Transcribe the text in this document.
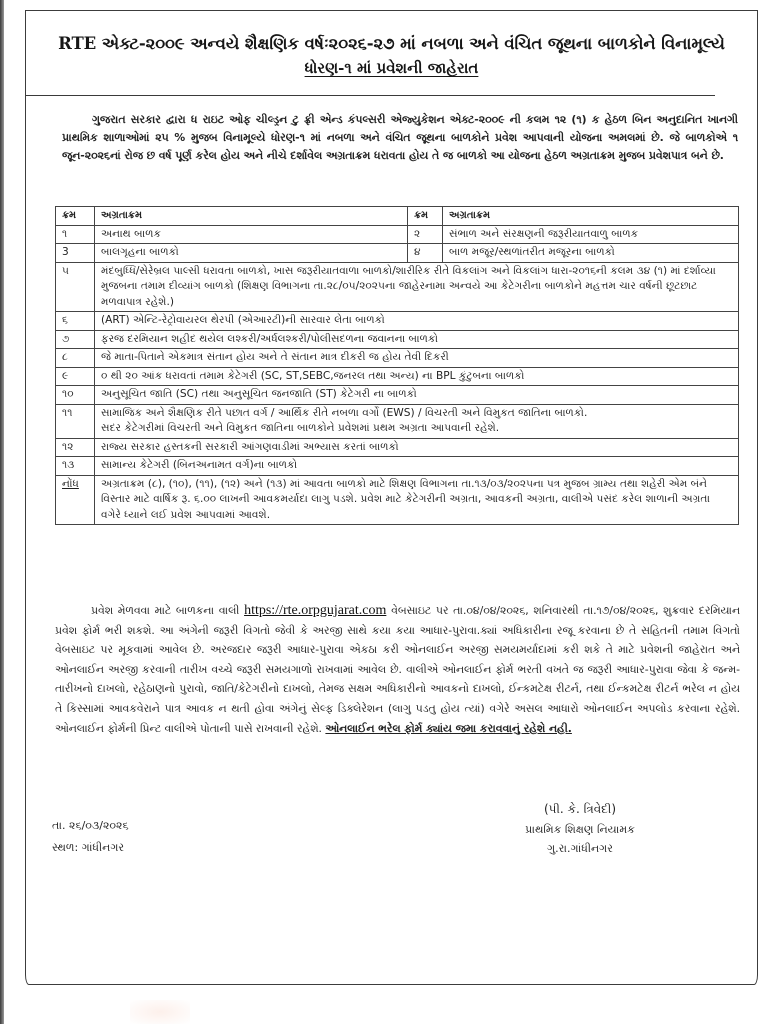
RTE એક્ટ-૨૦૦૯ અન્વયે શૈક્ષણિક વર્ષઃ૨૦૨૬-૨૭ માં નબળા અને વંચિત જૂથના બાળકોને વિનામૂલ્યે
ધોરણ-૧ માં પ્રવેશની જાહેરાત

ગુજરાત સરકાર દ્વારા ધ રાઇટ ઓફ ચીલ્ડ્રન ટુ ફ્રી એન્ડ કંપલ્સરી એજ્યુકેશન એક્ટ-૨૦૦૯ ની કલમ ૧૨ (૧) ક હેઠળ બિન અનુદાનિત ખાનગી પ્રાથમિક શાળાઓમાં ૨૫ % મુજબ વિનામૂલ્યે ધોરણ-૧ માં નબળા અને વંચિત જૂથના બાળકોને પ્રવેશ આપવાની યોજના અમલમાં છે. જે બાળકોએ ૧ જૂન-૨૦૨૬નાં રોજ છ વર્ષ પૂર્ણ કરેલ હોય અને નીચે દર્શાવેલ અગ્રતાક્રમ ધરાવતા હોય તે જ બાળકો આ યોજના હેઠળ અગ્રતાક્રમ મુજબ પ્રવેશપાત્ર બને છે.

ક્રમ	અગ્રતાક્રમ	ક્રમ	અગ્રતાક્રમ
૧	અનાથ બાળક	૨	સંભાળ અને સંરક્ષણની જરૂરીયાતવાળુ બાળક
3	બાલગૃહના બાળકો	૪	બાળ મજૂર/સ્થળાંતરીત મજૂરના બાળકો
૫	મંદબુધ્ધિ/સેરેબ્રલ પાલ્સી ધરાવતા બાળકો, ખાસ જરૂરીયાતવાળા બાળકો/શારીરિક રીતે વિકલાંગ અને વિકલાંગ ધારા-૨૦૧૬ની કલમ ૩૪ (૧) માં દર્શાવ્યા મુજબના તમામ દીવ્યાંગ બાળકો (શિક્ષણ વિભાગના તા.૨૮/૦૫/૨૦૨૫ના જાહેરનામા અન્વયે આ કેટેગરીના બાળકોને મહત્તમ ચાર વર્ષની છૂટછાટ મળવાપાત્ર રહેશે.)		
૬	(ART) એન્ટિ-રેટ્રોવાયરલ થેરપી (એઆરટી)ની સારવાર લેતા બાળકો		
૭	ફરજ દરમિયાન શહીદ થયેલ લશ્કરી/અર્ધલશ્કરી/પોલીસદળના જવાનના બાળકો		
૮	જે માતા-પિતાને એકમાત્ર સંતાન હોય અને તે સંતાન માત્ર દીકરી જ હોય તેવી દિકરી		
૯	૦ થી ૨૦ આંક ધરાવતાં તમામ કેટેગરી (SC, ST,SEBC,જનરલ તથા અન્ય) ના BPL કુંટુબના બાળકો		
૧૦	અનુસૂચિત જાતિ (SC) તથા અનુસૂચિત જનજાતિ (ST) કેટેગરી ના બાળકો		
૧૧	સામાજિક અને શૈક્ષણિક રીતે પછાત વર્ગ / આર્થિક રીતે નબળા વર્ગો (EWS) / વિચરતી અને વિમુકત જાતિના બાળકો.
સદર કેટેગરીમાં વિચરતી અને વિમુકત જાતિના બાળકોને પ્રવેશમાં પ્રથમ અગ્રતા આપવાની રહેશે.		

૧૨	રાજ્ય સરકાર હસ્તકની સરકારી આંગણવાડીમાં અભ્યાસ કરતાં બાળકો		
૧૩	સામાન્ય કેટેગરી (બિનઅનામત વર્ગ)ના બાળકો		
નોંધ	અગ્રતાક્રમ (૮), (૧૦), (૧૧), (૧૨) અને (૧૩) માં આવતા બાળકો માટે શિક્ષણ વિભાગના તા.૧૩/૦૩/૨૦૨૫ના પત્ર મુજબ ગ્રામ્ય તથા શહેરી એમ બંને વિસ્તાર માટે વાર્ષિક રૂ. ૬.૦૦ લાખની આવકમર્યાદા લાગુ પડશે. પ્રવેશ માટે કેટેગરીની અગ્રતા, આવકની અગ્રતા, વાલીએ પસંદ કરેલ શાળાની અગ્રતા વગેરે ધ્યાને લઈ પ્રવેશ આપવામાં આવશે.		

પ્રવેશ મેળવવા માટે બાળકના વાલી https://rte.orpgujarat.com વેબસાઇટ પર તા.૦૪/૦૪/૨૦૨૬, શનિવારથી તા.૧૭/૦૪/૨૦૨૬, શુક્રવાર દરમિયાન પ્રવેશ ફોર્મ ભરી શકશે. આ અંગેની જરૂરી વિગતો જેવી કે અરજી સાથે કયા કયા આધાર-પુરાવા.ક્યાં અધિકારીના રજૂ કરવાના છે તે સહિતની તમામ વિગતો વેબસાઇટ પર મૂકવામાં આવેલ છે. અરજદાર જરૂરી આધાર-પુરાવા એકઠા કરી ઓનલાઈન અરજી સમયમર્યાદામાં કરી શકે તે માટે પ્રવેશની જાહેરાત અને ઓનલાઈન અરજી કરવાની તારીખ વચ્ચે જરૂરી સમયગાળો રાખવામાં આવેલ છે. વાલીએ ઓનલાઈન ફોર્મ ભરતી વખતે જ જરૂરી આધાર-પુરાવા જેવા કે જન્મ-તારીખનો દાખલો, રહેઠાણનો પુરાવો, જાતિ/કેટેગરીનો દાખલો, તેમજ સક્ષમ અધિકારીનો આવકનો દાખલો, ઈન્કમટેક્ષ રીટર્ન, તથા ઈન્કમટેક્ષ રીટર્ન ભરેલ ન હોય તે કિસ્સામાં આવકવેરાને પાત્ર આવક ન થતી હોવા અંગેનું સેલ્ફ ડિક્લેરેશન (લાગુ પડતુ હોય ત્યાં) વગેરે અસલ આધારો ઓનલાઈન અપલોડ કરવાના રહેશે. ઓનલાઈન ફોર્મની પ્રિન્ટ વાલીએ પોતાની પાસે રાખવાની રહેશે. ઓનલાઈન ભરેલ ફોર્મ ક્યાંય જમા કરાવવાનું રહેશે નહી.

તા. ૨૬/૦૩/૨૦૨૬
સ્થળ: ગાંધીનગર
(પી. કે. ત્રિવેદી)
પ્રાથમિક શિક્ષણ નિયામક
ગુ.રા.ગાંધીનગર
